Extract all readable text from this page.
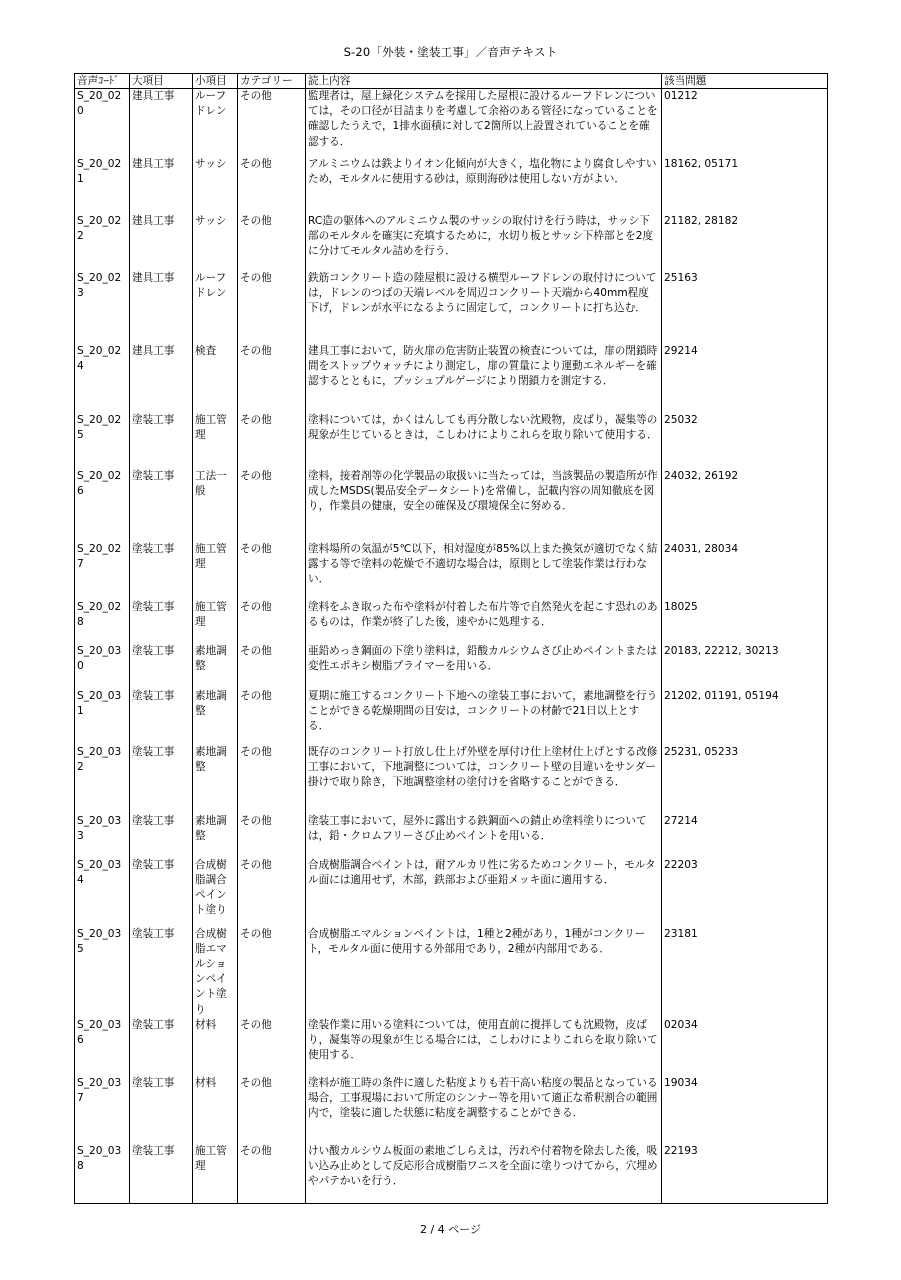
S-20「外装・塗装工事」／音声テキスト
音声ｺｰﾄﾞ	大項目	小項目	カテゴリー	読上内容	該当問題
S_20_020	建具工事	ルーフドレン	その他	監理者は，屋上緑化システムを採用した屋根に設けるルーフドレンについては，その口径が目詰まりを考慮して余裕のある管径になっていることを確認したうえで，1排水面積に対して2箇所以上設置されていることを確認する．	01212
S_20_021	建具工事	サッシ	その他	アルミニウムは鉄よりイオン化傾向が大きく，塩化物により腐食しやすいため，モルタルに使用する砂は，原則海砂は使用しない方がよい．	18162, 05171
S_20_022	建具工事	サッシ	その他	RC造の躯体へのアルミニウム製のサッシの取付けを行う時は，サッシ下部のモルタルを確実に充填するために，水切り板とサッシ下枠部とを2度に分けてモルタル詰めを行う．	21182, 28182
S_20_023	建具工事	ルーフドレン	その他	鉄筋コンクリート造の陸屋根に設ける横型ルーフドレンの取付けについては，ドレンのつばの天端レベルを周辺コンクリート天端から40mm程度下げ，ドレンが水平になるように固定して，コンクリートに打ち込む．	25163
S_20_024	建具工事	検査	その他	建具工事において，防火扉の危害防止装置の検査については，扉の閉鎖時間をストップウォッチにより測定し，扉の質量により運動エネルギーを確認するとともに，プッシュプルゲージにより閉鎖力を測定する．	29214
S_20_025	塗装工事	施工管理	その他	塗料については，かくはんしても再分散しない沈殿物，皮ばり，凝集等の現象が生じているときは，こしわけによりこれらを取り除いて使用する．	25032
S_20_026	塗装工事	工法一般	その他	塗料，接着剤等の化学製品の取扱いに当たっては，当該製品の製造所が作成したMSDS(製品安全データシート)を常備し，記載内容の周知徹底を図り，作業員の健康，安全の確保及び環境保全に努める．	24032, 26192
S_20_027	塗装工事	施工管理	その他	塗料場所の気温が5℃以下，相対湿度が85%以上また換気が適切でなく結露する等で塗料の乾燥で不適切な場合は，原則として塗装作業は行わない．	24031, 28034
S_20_028	塗装工事	施工管理	その他	塗料をふき取った布や塗料が付着した布片等で自然発火を起こす恐れのあるものは，作業が終了した後，速やかに処理する．	18025
S_20_030	塗装工事	素地調整	その他	亜鉛めっき鋼面の下塗り塗料は，鉛酸カルシウムさび止めペイントまたは変性エポキシ樹脂プライマーを用いる．	20183, 22212, 30213
S_20_031	塗装工事	素地調整	その他	夏期に施工するコンクリート下地への塗装工事において，素地調整を行うことができる乾燥期間の目安は，コンクリートの材齢で21日以上とする．	21202, 01191, 05194
S_20_032	塗装工事	素地調整	その他	既存のコンクリート打放し仕上げ外壁を厚付け仕上塗材仕上げとする改修工事において，下地調整については，コンクリート壁の目違いをサンダー掛けで取り除き，下地調整塗材の塗付けを省略することができる．	25231, 05233
S_20_033	塗装工事	素地調整	その他	塗装工事において，屋外に露出する鉄鋼面への錆止め塗料塗りについては，鉛・クロムフリーさび止めペイントを用いる．	27214
S_20_034	塗装工事	合成樹脂調合ペイント塗り	その他	合成樹脂調合ペイントは，耐アルカリ性に劣るためコンクリート，モルタル面には適用せず，木部，鉄部および亜鉛メッキ面に適用する．	22203
S_20_035	塗装工事	合成樹脂エマルションペイント塗り	その他	合成樹脂エマルションペイントは，1種と2種があり，1種がコンクリート，モルタル面に使用する外部用であり，2種が内部用である．	23181
S_20_036	塗装工事	材料	その他	塗装作業に用いる塗料については，使用直前に撹拌しても沈殿物，皮ばり，凝集等の現象が生じる場合には，こしわけによりこれらを取り除いて使用する．	02034
S_20_037	塗装工事	材料	その他	塗料が施工時の条件に適した粘度よりも若干高い粘度の製品となっている場合，工事現場において所定のシンナー等を用いて適正な希釈割合の範囲内で，塗装に適した状態に粘度を調整することができる．	19034
S_20_038	塗装工事	施工管理	その他	けい酸カルシウム板面の素地ごしらえは，汚れや付着物を除去した後，吸い込み止めとして反応形合成樹脂ワニスを全面に塗りつけてから，穴埋めやパテかいを行う．	22193
2 / 4 ページ
